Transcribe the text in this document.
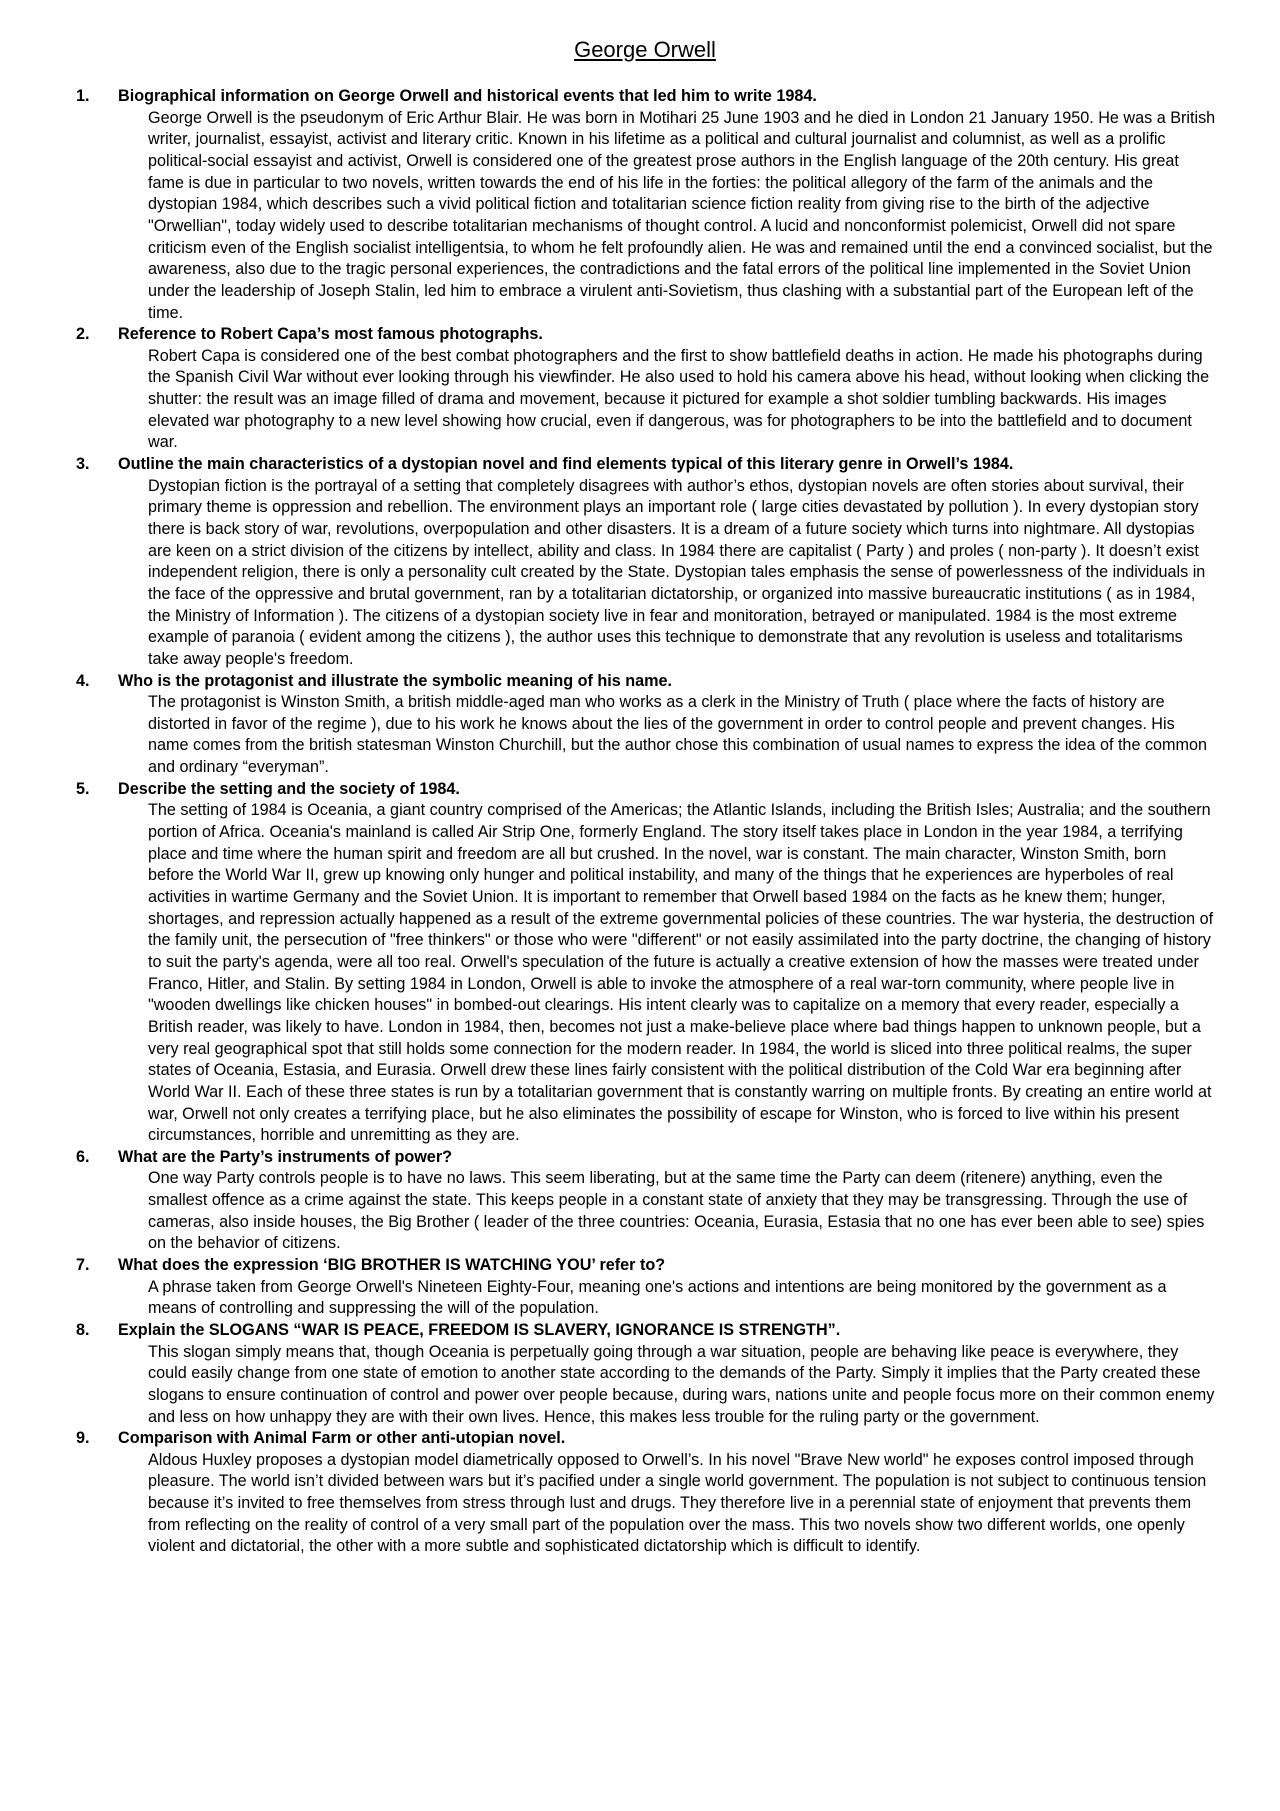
George Orwell
1. Biographical information on George Orwell and historical events that led him to write 1984.
George Orwell is the pseudonym of Eric Arthur Blair. He was born in Motihari 25 June 1903 and he died in London 21 January 1950. He was a British writer, journalist, essayist, activist and literary critic. Known in his lifetime as a political and cultural journalist and columnist, as well as a prolific political-social essayist and activist, Orwell is considered one of the greatest prose authors in the English language of the 20th century. His great fame is due in particular to two novels, written towards the end of his life in the forties: the political allegory of the farm of the animals and the dystopian 1984, which describes such a vivid political fiction and totalitarian science fiction reality from giving rise to the birth of the adjective "Orwellian", today widely used to describe totalitarian mechanisms of thought control. A lucid and nonconformist polemicist, Orwell did not spare criticism even of the English socialist intelligentsia, to whom he felt profoundly alien. He was and remained until the end a convinced socialist, but the awareness, also due to the tragic personal experiences, the contradictions and the fatal errors of the political line implemented in the Soviet Union under the leadership of Joseph Stalin, led him to embrace a virulent anti-Sovietism, thus clashing with a substantial part of the European left of the time.
2. Reference to Robert Capa’s most famous photographs.
Robert Capa is considered one of the best combat photographers and the first to show battlefield deaths in action. He made his photographs during the Spanish Civil War without ever looking through his viewfinder. He also used to hold his camera above his head, without looking when clicking the shutter: the result was an image filled of drama and movement, because it pictured for example a shot soldier tumbling backwards. His images elevated war photography to a new level showing how crucial, even if dangerous, was for photographers to be into the battlefield and to document war.
3. Outline the main characteristics of a dystopian novel and find elements typical of this literary genre in Orwell’s 1984.
Dystopian fiction is the portrayal of a setting that completely disagrees with author’s ethos, dystopian novels are often stories about survival, their primary theme is oppression and rebellion. The environment plays an important role ( large cities devastated by pollution ). In every dystopian story there is back story of war, revolutions, overpopulation and other disasters. It is a dream of a future society which turns into nightmare. All dystopias are keen on a strict division of the citizens by intellect, ability and class. In 1984 there are capitalist ( Party ) and proles ( non-party ). It doesn’t exist independent religion, there is only a personality cult created by the State. Dystopian tales emphasis the sense of powerlessness of the individuals in the face of the oppressive and brutal government, ran by a totalitarian dictatorship, or organized into massive bureaucratic institutions ( as in 1984, the Ministry of Information ). The citizens of a dystopian society live in fear and monitoration, betrayed or manipulated. 1984 is the most extreme example of paranoia ( evident among the citizens ), the author uses this technique to demonstrate that any revolution is useless and totalitarisms take away people's freedom.
4. Who is the protagonist and illustrate the symbolic meaning of his name.
The protagonist is Winston Smith, a british middle-aged man who works as a clerk in the Ministry of Truth ( place where the facts of history are distorted in favor of the regime ), due to his work he knows about the lies of the government in order to control people and prevent changes. His name comes from the british statesman Winston Churchill, but the author chose this combination of usual names to express the idea of the common and ordinary “everyman”.
5. Describe the setting and the society of 1984.
The setting of 1984 is Oceania, a giant country comprised of the Americas; the Atlantic Islands, including the British Isles; Australia; and the southern portion of Africa. Oceania's mainland is called Air Strip One, formerly England. The story itself takes place in London in the year 1984, a terrifying place and time where the human spirit and freedom are all but crushed. In the novel, war is constant. The main character, Winston Smith, born before the World War II, grew up knowing only hunger and political instability, and many of the things that he experiences are hyperboles of real activities in wartime Germany and the Soviet Union. It is important to remember that Orwell based 1984 on the facts as he knew them; hunger, shortages, and repression actually happened as a result of the extreme governmental policies of these countries. The war hysteria, the destruction of the family unit, the persecution of "free thinkers" or those who were "different" or not easily assimilated into the party doctrine, the changing of history to suit the party's agenda, were all too real. Orwell's speculation of the future is actually a creative extension of how the masses were treated under Franco, Hitler, and Stalin. By setting 1984 in London, Orwell is able to invoke the atmosphere of a real war-torn community, where people live in "wooden dwellings like chicken houses" in bombed-out clearings. His intent clearly was to capitalize on a memory that every reader, especially a British reader, was likely to have. London in 1984, then, becomes not just a make-believe place where bad things happen to unknown people, but a very real geographical spot that still holds some connection for the modern reader. In 1984, the world is sliced into three political realms, the super states of Oceania, Estasia, and Eurasia. Orwell drew these lines fairly consistent with the political distribution of the Cold War era beginning after World War II. Each of these three states is run by a totalitarian government that is constantly warring on multiple fronts. By creating an entire world at war, Orwell not only creates a terrifying place, but he also eliminates the possibility of escape for Winston, who is forced to live within his present circumstances, horrible and unremitting as they are.
6. What are the Party’s instruments of power?
One way Party controls people is to have no laws. This seem liberating, but at the same time the Party can deem (ritenere) anything, even the smallest offence as a crime against the state. This keeps people in a constant state of anxiety that they may be transgressing. Through the use of cameras, also inside houses, the Big Brother ( leader of the three countries: Oceania, Eurasia, Estasia that no one has ever been able to see) spies on the behavior of citizens.
7. What does the expression ‘BIG BROTHER IS WATCHING YOU’ refer to?
A phrase taken from George Orwell's Nineteen Eighty-Four, meaning one's actions and intentions are being monitored by the government as a means of controlling and suppressing the will of the population.
8. Explain the SLOGANS “WAR IS PEACE, FREEDOM IS SLAVERY, IGNORANCE IS STRENGTH”.
This slogan simply means that, though Oceania is perpetually going through a war situation, people are behaving like peace is everywhere, they could easily change from one state of emotion to another state according to the demands of the Party. Simply it implies that the Party created these slogans to ensure continuation of control and power over people because, during wars, nations unite and people focus more on their common enemy and less on how unhappy they are with their own lives. Hence, this makes less trouble for the ruling party or the government.
9. Comparison with Animal Farm or other anti-utopian novel.
Aldous Huxley proposes a dystopian model diametrically opposed to Orwell’s. In his novel "Brave New world" he exposes control imposed through pleasure. The world isn’t divided between wars but it’s pacified under a single world government. The population is not subject to continuous tension because it’s invited to free themselves from stress through lust and drugs. They therefore live in a perennial state of enjoyment that prevents them from reflecting on the reality of control of a very small part of the population over the mass. This two novels show two different worlds, one openly violent and dictatorial, the other with a more subtle and sophisticated dictatorship which is difficult to identify.
